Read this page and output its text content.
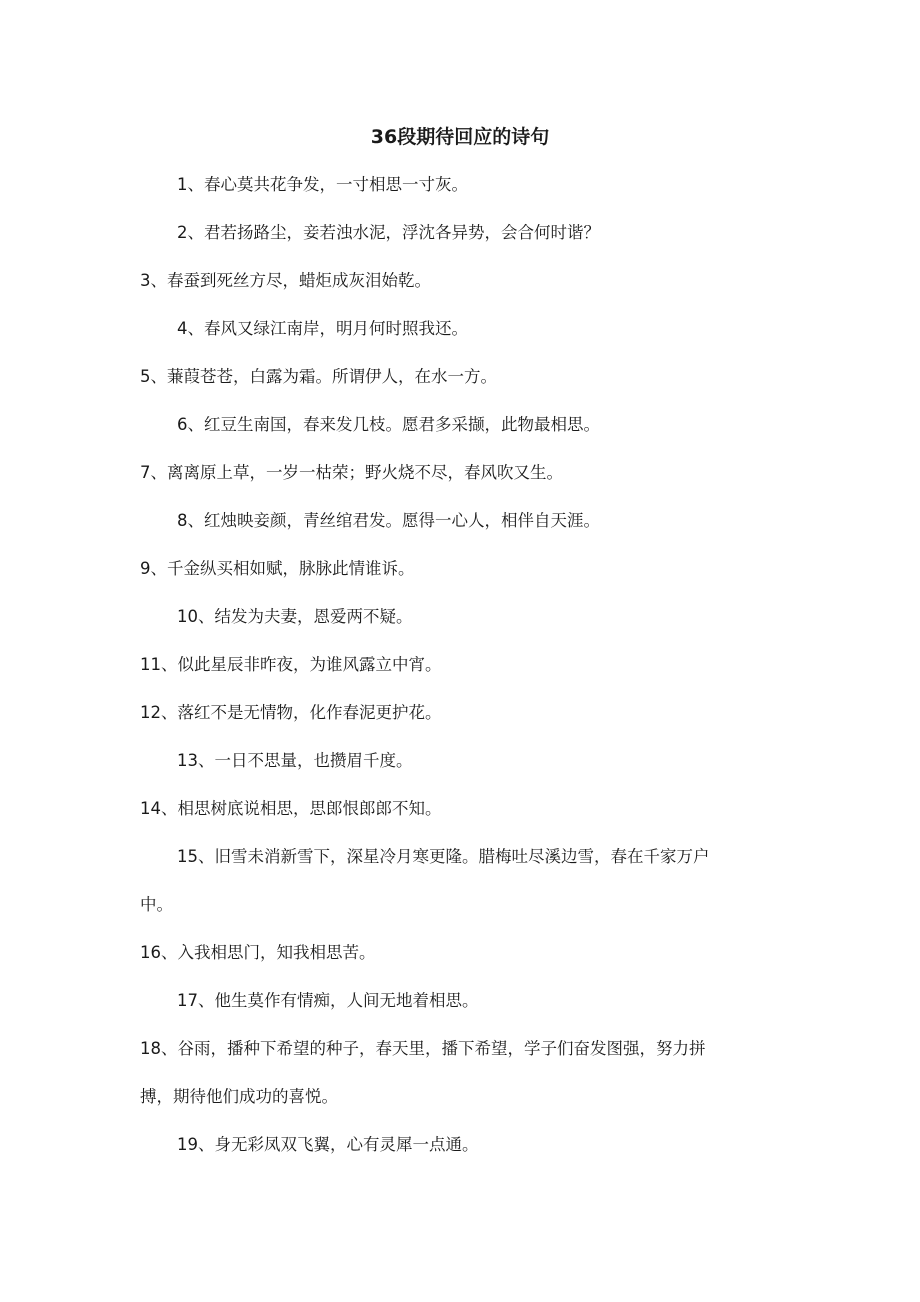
36段期待回应的诗句
1、春心莫共花争发，一寸相思一寸灰。
2、君若扬路尘，妾若浊水泥，浮沈各异势，会合何时谐？
3、春蚕到死丝方尽，蜡炬成灰泪始乾。
4、春风又绿江南岸，明月何时照我还。
5、蒹葭苍苍，白露为霜。所谓伊人，在水一方。
6、红豆生南国，春来发几枝。愿君多采撷，此物最相思。
7、离离原上草，一岁一枯荣；野火烧不尽，春风吹又生。
8、红烛映妾颜，青丝绾君发。愿得一心人，相伴自天涯。
9、千金纵买相如赋，脉脉此情谁诉。
10、结发为夫妻，恩爱两不疑。
11、似此星辰非昨夜，为谁风露立中宵。
12、落红不是无情物，化作春泥更护花。
13、一日不思量，也攒眉千度。
14、相思树底说相思，思郎恨郎郎不知。
15、旧雪未消新雪下，深星冷月寒更隆。腊梅吐尽溪边雪，春在千家万户
中。
16、入我相思门，知我相思苦。
17、他生莫作有情痴，人间无地着相思。
18、谷雨，播种下希望的种子，春天里，播下希望，学子们奋发图强，努力拼
搏，期待他们成功的喜悦。
19、身无彩凤双飞翼，心有灵犀一点通。
